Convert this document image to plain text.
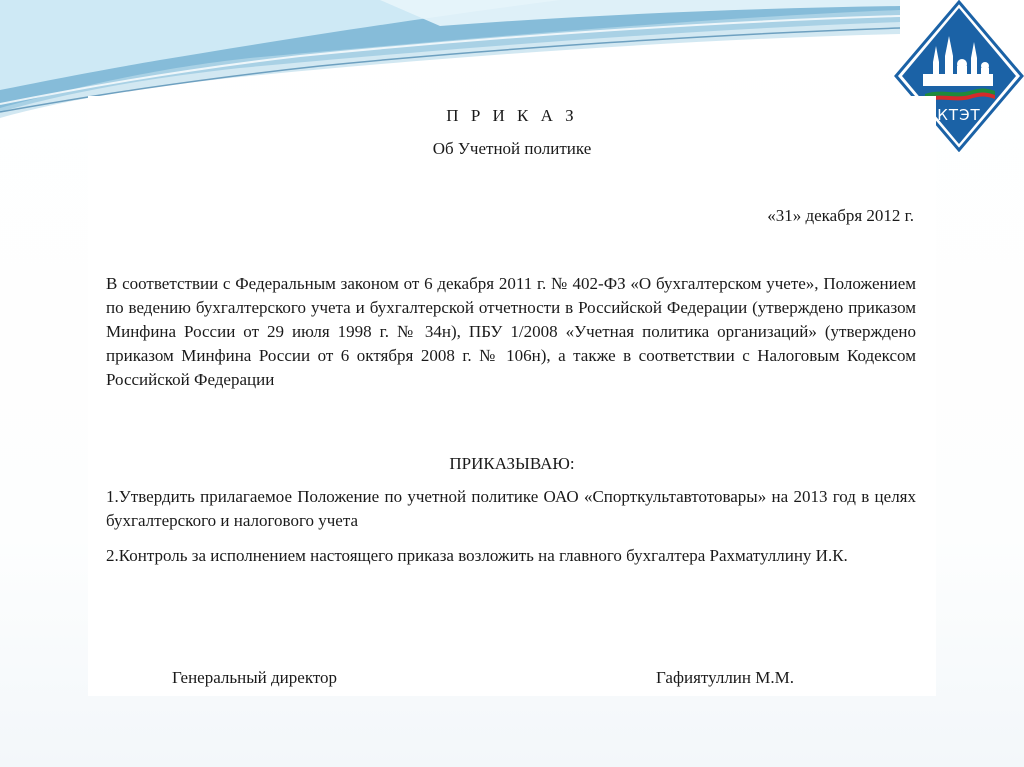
КТЭТ
П Р И К А З
Об Учетной политике
«31» декабря 2012 г.
В соответствии с Федеральным законом от 6 декабря 2011 г. № 402-ФЗ «О бухгалтерском учете», Положением по ведению бухгалтерского учета и бухгалтерской отчетности в Российской Федерации (утверждено приказом Минфина России от 29 июля 1998 г. № 34н), ПБУ 1/2008 «Учетная политика организаций» (утверждено приказом Минфина России от 6 октября 2008 г. № 106н), а также в соответствии с Налоговым Кодексом Российской Федерации
ПРИКАЗЫВАЮ:
1.Утвердить прилагаемое Положение по учетной политике ОАО «Спорткультавтотовары» на 2013 год в целях бухгалтерского и налогового учета
2.Контроль за исполнением настоящего приказа возложить на главного бухгалтера Рахматуллину И.К.
Генеральный директор	Гафиятуллин М.М.
